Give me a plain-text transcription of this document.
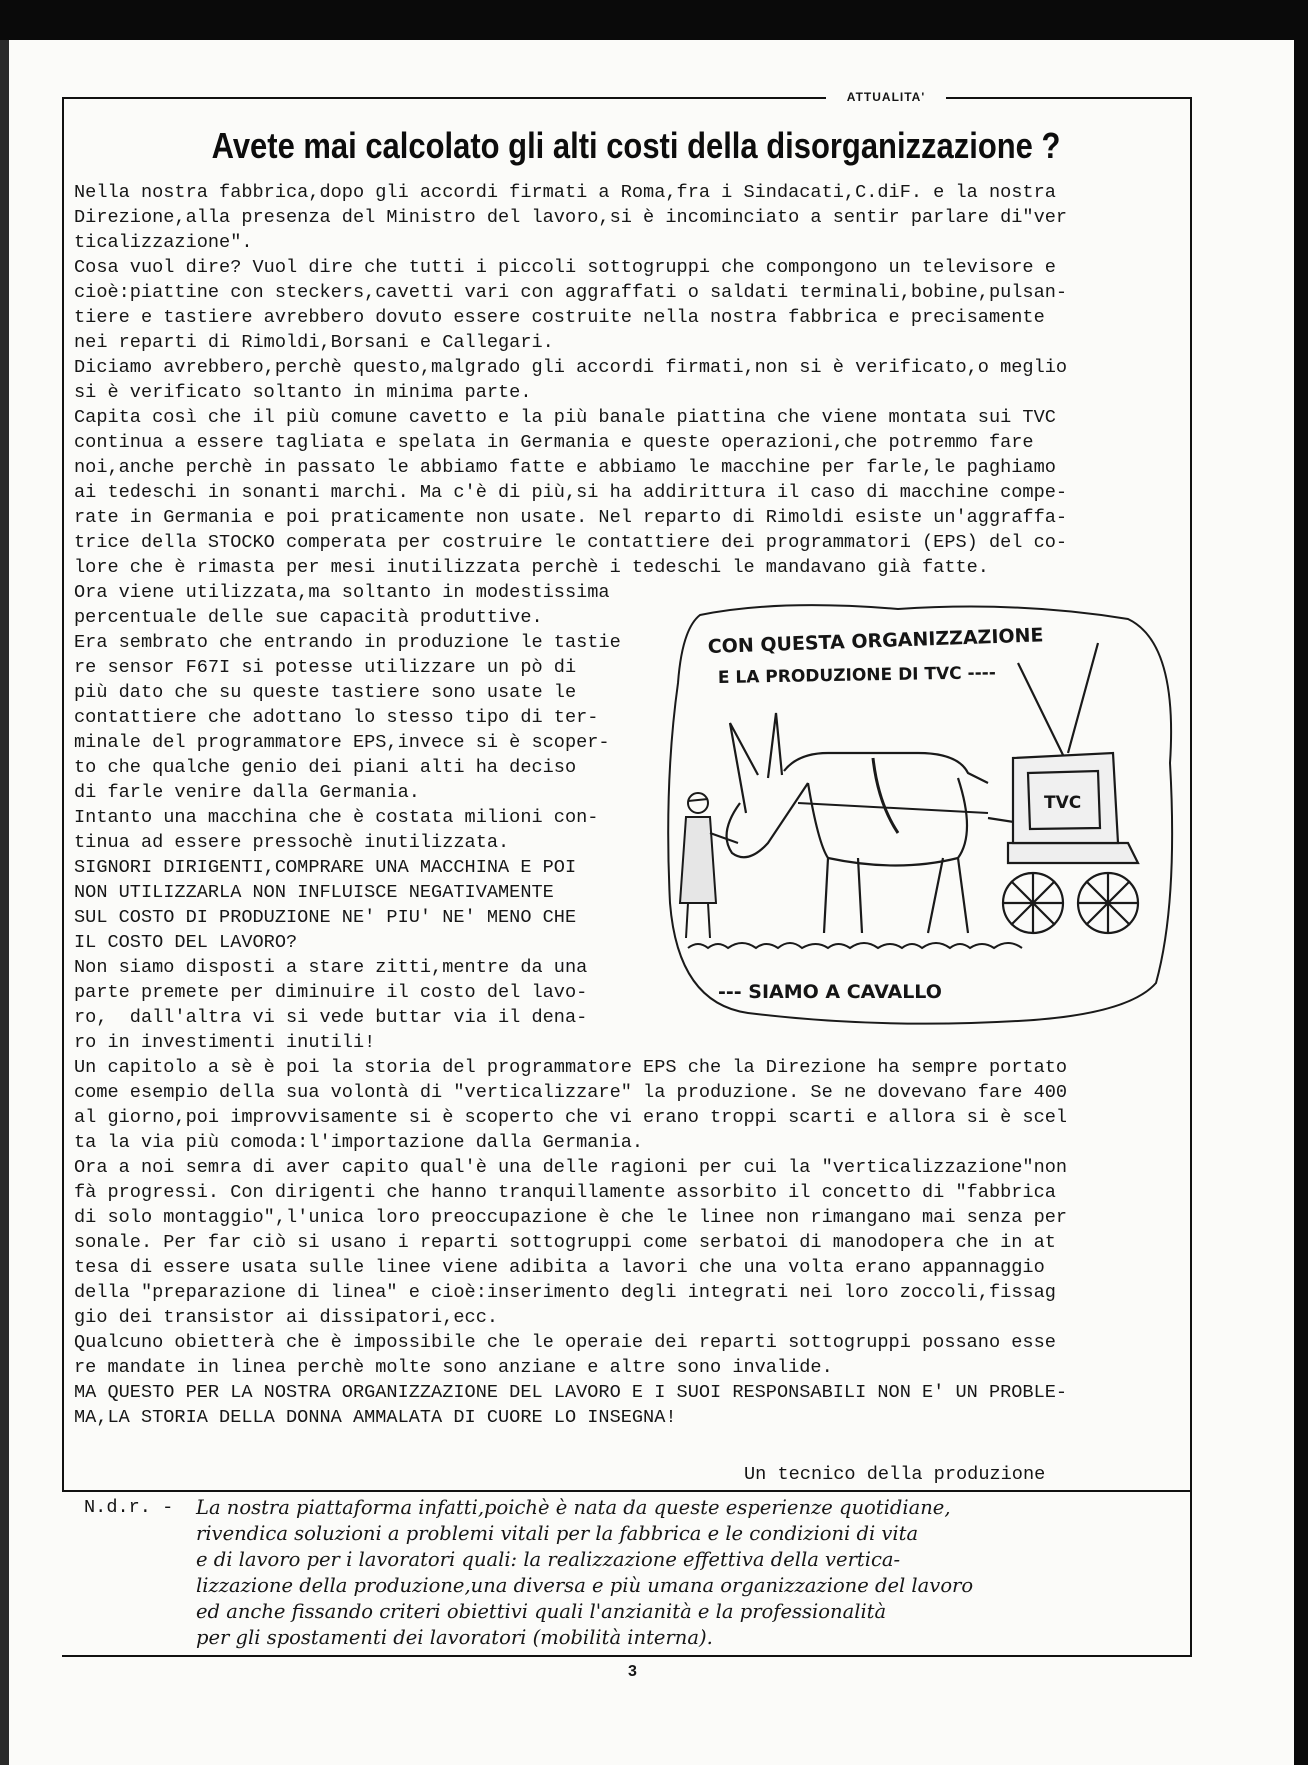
ATTUALITA'
Avete mai calcolato gli alti costi della disorganizzazione ?
Nella nostra fabbrica,dopo gli accordi firmati a Roma,fra i Sindacati,C.diF. e la nostra
Direzione,alla presenza del Ministro del lavoro,si è incominciato a sentir parlare di"ver
ticalizzazione".
Cosa vuol dire? Vuol dire che tutti i piccoli sottogruppi che compongono un televisore e
cioè:piattine con steckers,cavetti vari con aggraffati o saldati terminali,bobine,pulsan-
tiere e tastiere avrebbero dovuto essere costruite nella nostra fabbrica e precisamente
nei reparti di Rimoldi,Borsani e Callegari.
Diciamo avrebbero,perchè questo,malgrado gli accordi firmati,non si è verificato,o meglio
si è verificato soltanto in minima parte.
Capita così che il più comune cavetto e la più banale piattina che viene montata sui TVC
continua a essere tagliata e spelata in Germania e queste operazioni,che potremmo fare
noi,anche perchè in passato le abbiamo fatte e abbiamo le macchine per farle,le paghiamo
ai tedeschi in sonanti marchi. Ma c'è di più,si ha addirittura il caso di macchine compe-
rate in Germania e poi praticamente non usate. Nel reparto di Rimoldi esiste un'aggraffa-
trice della STOCKO comperata per costruire le contattiere dei programmatori (EPS) del co-
lore che è rimasta per mesi inutilizzata perchè i tedeschi le mandavano già fatte.
Ora viene utilizzata,ma soltanto in modestissima
percentuale delle sue capacità produttive.
Era sembrato che entrando in produzione le tastie
re sensor F67I si potesse utilizzare un pò di
più dato che su queste tastiere sono usate le
contattiere che adottano lo stesso tipo di ter-
minale del programmatore EPS,invece si è scoper-
to che qualche genio dei piani alti ha deciso
di farle venire dalla Germania.
Intanto una macchina che è costata milioni con-
tinua ad essere pressochè inutilizzata.
SIGNORI DIRIGENTI,COMPRARE UNA MACCHINA E POI
NON UTILIZZARLA NON INFLUISCE NEGATIVAMENTE
SUL COSTO DI PRODUZIONE NE' PIU' NE' MENO CHE
IL COSTO DEL LAVORO?
Non siamo disposti a stare zitti,mentre da una
parte premete per diminuire il costo del lavo-
ro,  dall'altra vi si vede buttar via il dena-
ro in investimenti inutili!
Un capitolo a sè è poi la storia del programmatore EPS che la Direzione ha sempre portato
come esempio della sua volontà di "verticalizzare" la produzione. Se ne dovevano fare 400
al giorno,poi improvvisamente si è scoperto che vi erano troppi scarti e allora si è scel
ta la via più comoda:l'importazione dalla Germania.
Ora a noi semra di aver capito qual'è una delle ragioni per cui la "verticalizzazione"non
fà progressi. Con dirigenti che hanno tranquillamente assorbito il concetto di "fabbrica
di solo montaggio",l'unica loro preoccupazione è che le linee non rimangano mai senza per
sonale. Per far ciò si usano i reparti sottogruppi come serbatoi di manodopera che in at
tesa di essere usata sulle linee viene adibita a lavori che una volta erano appannaggio
della "preparazione di linea" e cioè:inserimento degli integrati nei loro zoccoli,fissag
gio dei transistor ai dissipatori,ecc.
Qualcuno obietterà che è impossibile che le operaie dei reparti sottogruppi possano esse
re mandate in linea perchè molte sono anziane e altre sono invalide.
MA QUESTO PER LA NOSTRA ORGANIZZAZIONE DEL LAVORO E I SUOI RESPONSABILI NON E' UN PROBLE-
MA,LA STORIA DELLA DONNA AMMALATA DI CUORE LO INSEGNA!
CON QUESTA ORGANIZZAZIONE
E LA PRODUZIONE DI TVC ----
TVC
--- SIAMO A CAVALLO
Un tecnico della produzione
N.d.r. - La nostra piattaforma infatti,poichè è nata da queste esperienze quotidiane,
rivendica soluzioni a problemi vitali per la fabbrica e le condizioni di vita
e di lavoro per i lavoratori quali: la realizzazione effettiva della vertica-
lizzazione della produzione,una diversa e più umana organizzazione del lavoro
ed anche fissando criteri obiettivi quali l'anzianità e la professionalità
per gli spostamenti dei lavoratori (mobilità interna).
3
